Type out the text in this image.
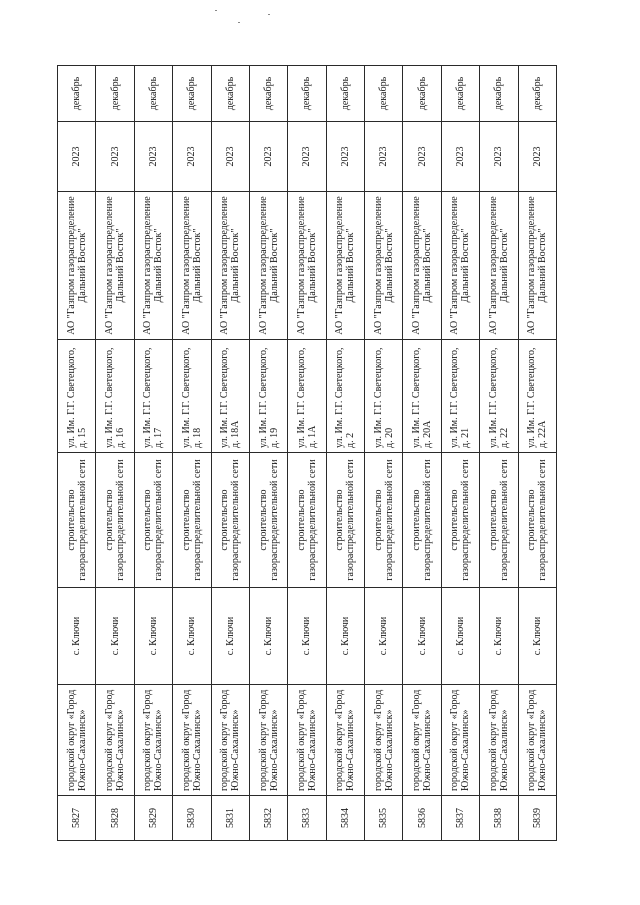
5827	городской округ «Город Южно-Сахалинск»	с. Ключи	строительство газораспределительной сети	ул. Им. Г.Г. Светецкого, д. 15	АО "Газпром газораспределение Дальний Восток"	2023	декабрь
5828	городской округ «Город Южно-Сахалинск»	с. Ключи	строительство газораспределительной сети	ул. Им. Г.Г. Светецкого, д. 16	АО "Газпром газораспределение Дальний Восток"	2023	декабрь
5829	городской округ «Город Южно-Сахалинск»	с. Ключи	строительство газораспределительной сети	ул. Им. Г.Г. Светецкого, д. 17	АО "Газпром газораспределение Дальний Восток"	2023	декабрь
5830	городской округ «Город Южно-Сахалинск»	с. Ключи	строительство газораспределительной сети	ул. Им. Г.Г. Светецкого, д. 18	АО "Газпром газораспределение Дальний Восток"	2023	декабрь
5831	городской округ «Город Южно-Сахалинск»	с. Ключи	строительство газораспределительной сети	ул. Им. Г.Г. Светецкого, д. 18А	АО "Газпром газораспределение Дальний Восток"	2023	декабрь
5832	городской округ «Город Южно-Сахалинск»	с. Ключи	строительство газораспределительной сети	ул. Им. Г.Г. Светецкого, д. 19	АО "Газпром газораспределение Дальний Восток"	2023	декабрь
5833	городской округ «Город Южно-Сахалинск»	с. Ключи	строительство газораспределительной сети	ул. Им. Г.Г. Светецкого, д. 1А	АО "Газпром газораспределение Дальний Восток"	2023	декабрь
5834	городской округ «Город Южно-Сахалинск»	с. Ключи	строительство газораспределительной сети	ул. Им. Г.Г. Светецкого, д. 2	АО "Газпром газораспределение Дальний Восток"	2023	декабрь
5835	городской округ «Город Южно-Сахалинск»	с. Ключи	строительство газораспределительной сети	ул. Им. Г.Г. Светецкого, д. 20	АО "Газпром газораспределение Дальний Восток"	2023	декабрь
5836	городской округ «Город Южно-Сахалинск»	с. Ключи	строительство газораспределительной сети	ул. Им. Г.Г. Светецкого, д. 20А	АО "Газпром газораспределение Дальний Восток"	2023	декабрь
5837	городской округ «Город Южно-Сахалинск»	с. Ключи	строительство газораспределительной сети	ул. Им. Г.Г. Светецкого, д. 21	АО "Газпром газораспределение Дальний Восток"	2023	декабрь
5838	городской округ «Город Южно-Сахалинск»	с. Ключи	строительство газораспределительной сети	ул. Им. Г.Г. Светецкого, д. 22	АО "Газпром газораспределение Дальний Восток"	2023	декабрь
5839	городской округ «Город Южно-Сахалинск»	с. Ключи	строительство газораспределительной сети	ул. Им. Г.Г. Светецкого, д. 22А	АО "Газпром газораспределение Дальний Восток"	2023	декабрь
